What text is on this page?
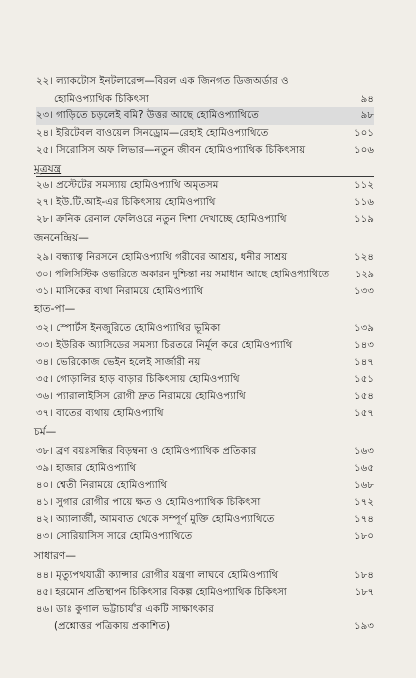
২২। ল্যাকটোস ইনটলারেন্স—বিরল এক জিনগত ডিজঅর্ডার ও
হোমিওপ্যাথিক চিকিৎসা	৯৪
২৩। গাড়িতে চড়লেই বমি? উত্তর আছে হোমিওপ্যাথিতে	৯৮
২৪। ইরিটেবল বাওয়েল সিনড্রোম—রেহাই হোমিওপ্যাথিতে	১০১
২৫। সিরোসিস অফ লিভার—নতুন জীবন হোমিওপ্যাথিক চিকিৎসায়	১০৬
মূত্রযন্ত্র
২৬। প্রস্টেটের সমস্যায় হোমিওপ্যাথি অমৃতসম	১১২
২৭। ইউ.টি.আই-এর চিকিৎসায় হোমিওপ্যাথি	১১৬
২৮। ক্রনিক রেনাল ফেলিওরে নতুন দিশা দেখাচ্ছে হোমিওপ্যাথি	১১৯
জননেন্দ্রিয়—
২৯। বন্ধ্যাত্ব নিরসনে হোমিওপ্যাথি গরীবের আশ্রয়, ধনীর সাশ্রয়	১২৪
৩০। পলিসিস্টিক ওভারিতে অকারন দুশ্চিন্তা নয় সমাধান আছে হোমিওপ্যাথিতে	১২৯
৩১। মাসিকের ব্যথা নিরাময়ে হোমিওপ্যাথি	১৩৩
হাত-পা—
৩২। স্পোর্টস ইনজুরিতে হোমিওপ্যাথির ভূমিকা	১৩৯
৩৩। ইউরিক অ্যাসিডের সমস্যা চিরতরে নির্মূল করে হোমিওপ্যাথি	১৪৩
৩৪। ভেরিকোজ ভেইন হলেই সার্জারী নয়	১৪৭
৩৫। গোড়ালির হাড় বাড়ার চিকিৎসায় হোমিওপ্যাথি	১৫১
৩৬। প্যারালাইসিস রোগী দ্রুত নিরাময়ে হোমিওপ্যাথি	১৫৪
৩৭। বাতের ব্যথায় হোমিওপ্যাথি	১৫৭
চর্ম—
৩৮। ব্রণ বয়ঃসন্ধির বিড়ম্বনা ও হোমিওপ্যাথিক প্রতিকার	১৬৩
৩৯। হাজার হোমিওপ্যাথি	১৬৫
৪০। শ্বেতী নিরাময়ে হোমিওপ্যাথি	১৬৮
৪১। সুগার রোগীর পায়ে ক্ষত ও হোমিওপ্যাথিক চিকিৎসা	১৭২
৪২। অ্যালার্জী, আমবাত থেকে সম্পূর্ণ মুক্তি হোমিওপ্যাথিতে	১৭৪
৪৩। সোরিয়াসিস সারে হোমিওপ্যাথিতে	১৮০
সাধারণ—
৪৪। মৃত্যুপথযাত্রী ক্যান্সার রোগীর যন্ত্রণা লাঘবে হোমিওপ্যাথি	১৮৪
৪৫। হরমোন প্রতিস্থাপন চিকিৎসার বিকল্প হোমিওপ্যাথিক চিকিৎসা	১৮৭
৪৬। ডাঃ কুণাল ভট্টাচার্য'র একটি সাক্ষাৎকার
(প্রশ্নোত্তর পত্রিকায় প্রকাশিত)	১৯৩
